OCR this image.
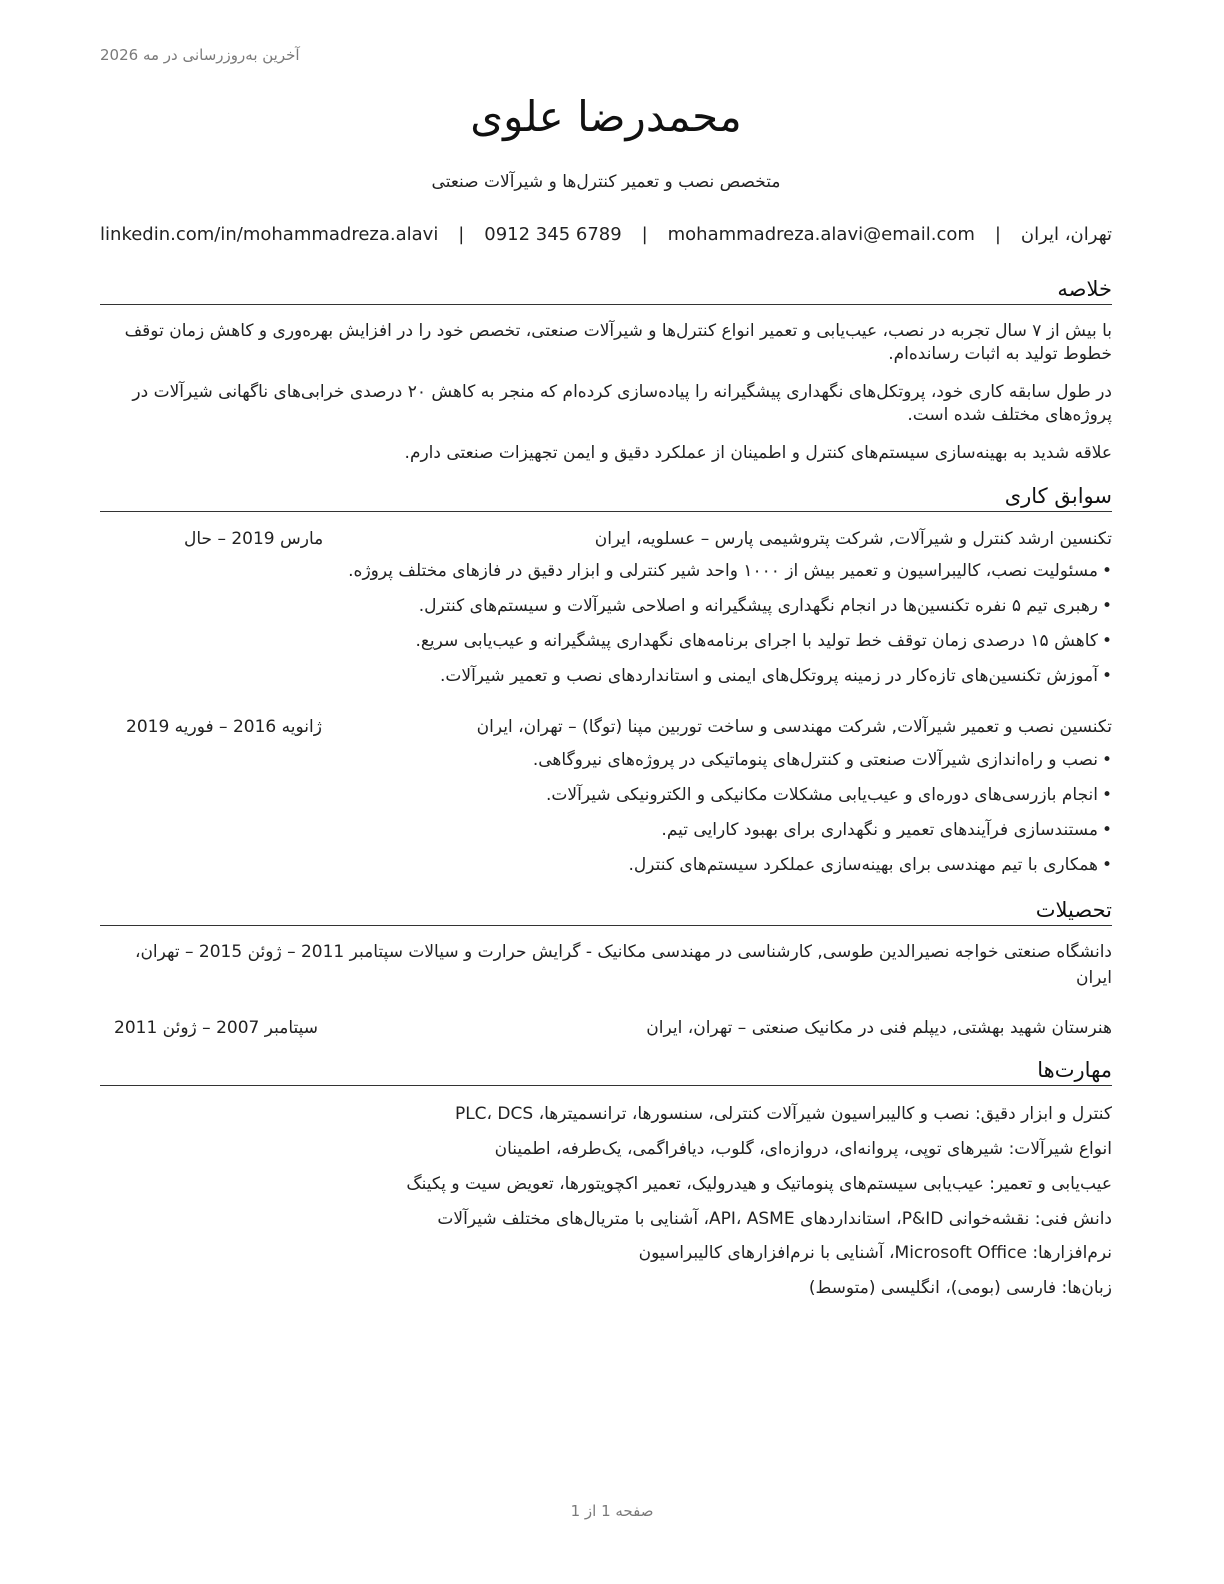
آخرین به‌روزرسانی در مه 2026
محمدرضا علوی
متخصص نصب و تعمیر کنترل‌ها و شیرآلات صنعتی
تهران، ایران
|
mohammadreza.alavi@email.com
|
0912 345 6789
|
linkedin.com/in/mohammadreza.alavi
خلاصه
با بیش از ۷ سال تجربه در نصب، عیب‌یابی و تعمیر انواع کنترل‌ها و شیرآلات صنعتی، تخصص خود را در افزایش بهره‌وری و کاهش زمان توقف خطوط تولید به اثبات رسانده‌ام.
در طول سابقه کاری خود، پروتکل‌های نگهداری پیشگیرانه را پیاده‌سازی کرده‌ام که منجر به کاهش ۲۰ درصدی خرابی‌های ناگهانی شیرآلات در پروژه‌های مختلف شده است.
علاقه شدید به بهینه‌سازی سیستم‌های کنترل و اطمینان از عملکرد دقیق و ایمن تجهیزات صنعتی دارم.
سوابق کاری
تکنسین ارشد کنترل و شیرآلات, شرکت پتروشیمی پارس – عسلویه، ایران
مارس 2019 – حال
•مسئولیت نصب، کالیبراسیون و تعمیر بیش از ۱۰۰۰ واحد شیر کنترلی و ابزار دقیق در فازهای مختلف پروژه.
•رهبری تیم ۵ نفره تکنسین‌ها در انجام نگهداری پیشگیرانه و اصلاحی شیرآلات و سیستم‌های کنترل.
•کاهش ۱۵ درصدی زمان توقف خط تولید با اجرای برنامه‌های نگهداری پیشگیرانه و عیب‌یابی سریع.
•آموزش تکنسین‌های تازه‌کار در زمینه پروتکل‌های ایمنی و استانداردهای نصب و تعمیر شیرآلات.
تکنسین نصب و تعمیر شیرآلات, شرکت مهندسی و ساخت توربین مپنا (توگا) – تهران، ایران
ژانویه 2016 – فوریه 2019
•نصب و راه‌اندازی شیرآلات صنعتی و کنترل‌های پنوماتیکی در پروژه‌های نیروگاهی.
•انجام بازرسی‌های دوره‌ای و عیب‌یابی مشکلات مکانیکی و الکترونیکی شیرآلات.
•مستندسازی فرآیندهای تعمیر و نگهداری برای بهبود کارایی تیم.
•همکاری با تیم مهندسی برای بهینه‌سازی عملکرد سیستم‌های کنترل.
تحصیلات
دانشگاه صنعتی خواجه نصیرالدین طوسی, کارشناسی در مهندسی مکانیک - گرایش حرارت و سیالات سپتامبر 2011 – ژوئن 2015 – تهران، ایران
هنرستان شهید بهشتی, دیپلم فنی در مکانیک صنعتی – تهران، ایران
سپتامبر 2007 – ژوئن 2011
مهارت‌ها
کنترل و ابزار دقیق: نصب و کالیبراسیون شیرآلات کنترلی، سنسورها، ترانسمیترها، PLC، DCS
انواع شیرآلات: شیرهای توپی، پروانه‌ای، دروازه‌ای، گلوب، دیافراگمی، یک‌طرفه، اطمینان
عیب‌یابی و تعمیر: عیب‌یابی سیستم‌های پنوماتیک و هیدرولیک، تعمیر اکچویتورها، تعویض سیت و پکینگ
دانش فنی: نقشه‌خوانی P&ID، استانداردهای API، ASME، آشنایی با متریال‌های مختلف شیرآلات
نرم‌افزارها: Microsoft Office، آشنایی با نرم‌افزارهای کالیبراسیون
زبان‌ها: فارسی (بومی)، انگلیسی (متوسط)
صفحه 1 از 1
